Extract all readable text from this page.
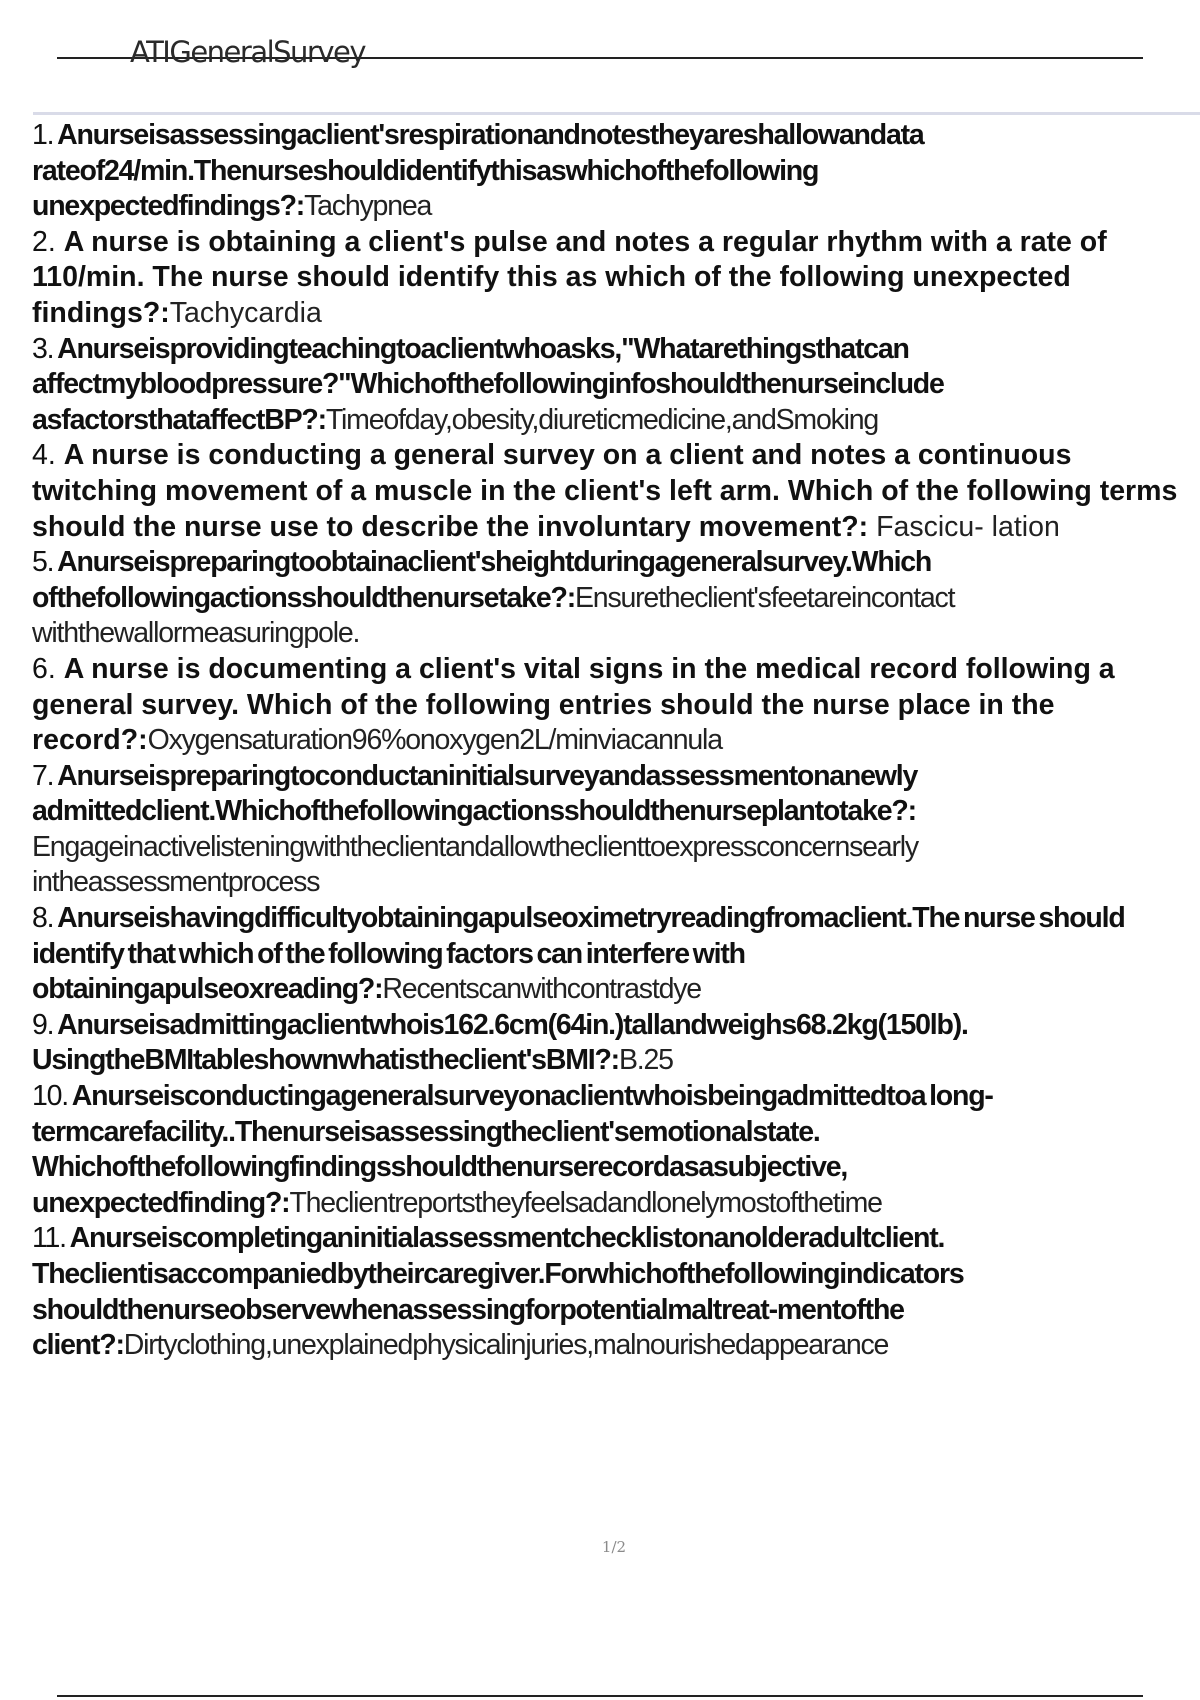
ATIGeneralSurvey
1. Anurseisassessingaclient'srespirationandnotestheyareshallowandata rateof24/min.Thenurseshouldidentifythisaswhichofthefollowing unexpectedfindings?:Tachypnea
2. A nurse is obtaining a client's pulse and notes a regular rhythm with a rate of 110/min. The nurse should identify this as which of the following unexpected findings?:Tachycardia
3. Anurseisprovidingteachingtoaclientwhoasks,"Whatarethingsthatcan affectmybloodpressure?"Whichofthefollowinginfoshouldthenurseinclude asfactorsthataffectBP?:Timeofday,obesity,diureticmedicine,andSmoking
4. A nurse is conducting a general survey on a client and notes a continuous twitching movement of a muscle in the client's left arm. Which of the following terms should the nurse use to describe the involuntary movement?: Fascicu- lation
5. Anurseispreparingtoobtainaclient'sheightduringageneralsurvey.Which ofthefollowingactionsshouldthenursetake?:Ensuretheclient'sfeetareincontact withthewallormeasuringpole.
6. A nurse is documenting a client's vital signs in the medical record following a general survey. Which of the following entries should the nurse place in the record?:Oxygensaturation96%onoxygen2L/minviacannula
7. Anurseispreparingtoconductaninitialsurveyandassessmentonanewly admittedclient.Whichofthefollowingactionsshouldthenurseplantotake?: Engageinactivelisteningwiththeclientandallowtheclienttoexpressconcernsearly intheassessmentprocess
8. Anurseishavingdifficultyobtainingapulseoximetryreadingfromaclient.The nurse should identify that which of the following factors can interfere with obtainingapulseoxreading?:Recentscanwithcontrastdye
9. Anurseisadmittingaclientwhois162.6cm(64in.)tallandweighs68.2kg(150lb). UsingtheBMItableshownwhatistheclient'sBMI?:B.25
10. Anurseisconductingageneralsurveyonaclientwhoisbeingadmittedtoa long-termcarefacility..Thenurseisassessingtheclient'semotionalstate. Whichofthefollowingfindingsshouldthenurserecordasasubjective, unexpectedfinding?:Theclientreportstheyfeelsadandlonelymostofthetime
11. Anurseiscompletinganinitialassessmentchecklistonanolderadultclient. Theclientisaccompaniedbytheircaregiver.Forwhichofthefollowingindicators shouldthenurseobservewhenassessingforpotentialmaltreat-mentofthe client?:Dirtyclothing,unexplainedphysicalinjuries,malnourishedappearance
1/2
